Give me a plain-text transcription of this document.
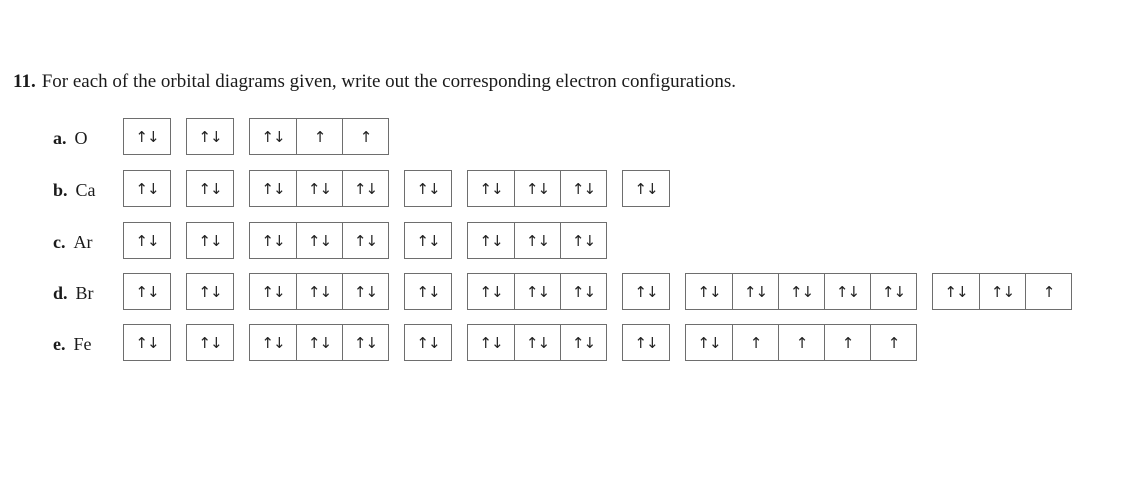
11. For each of the orbital diagrams given, write out the corresponding electron configurations.
a. O	↑↓	↑↓	↑↓	↑	↑
b. Ca	↑↓	↑↓	↑↓	↑↓	↑↓	↑↓	↑↓	↑↓	↑↓	↑↓
c. Ar	↑↓	↑↓	↑↓	↑↓	↑↓	↑↓	↑↓	↑↓	↑↓
d. Br	↑↓	↑↓	↑↓	↑↓	↑↓	↑↓	↑↓	↑↓	↑↓	↑↓	↑↓	↑↓	↑↓	↑↓	↑↓	↑↓	↑↓	↑
e. Fe	↑↓	↑↓	↑↓	↑↓	↑↓	↑↓	↑↓	↑↓	↑↓	↑↓	↑↓	↑	↑	↑	↑
